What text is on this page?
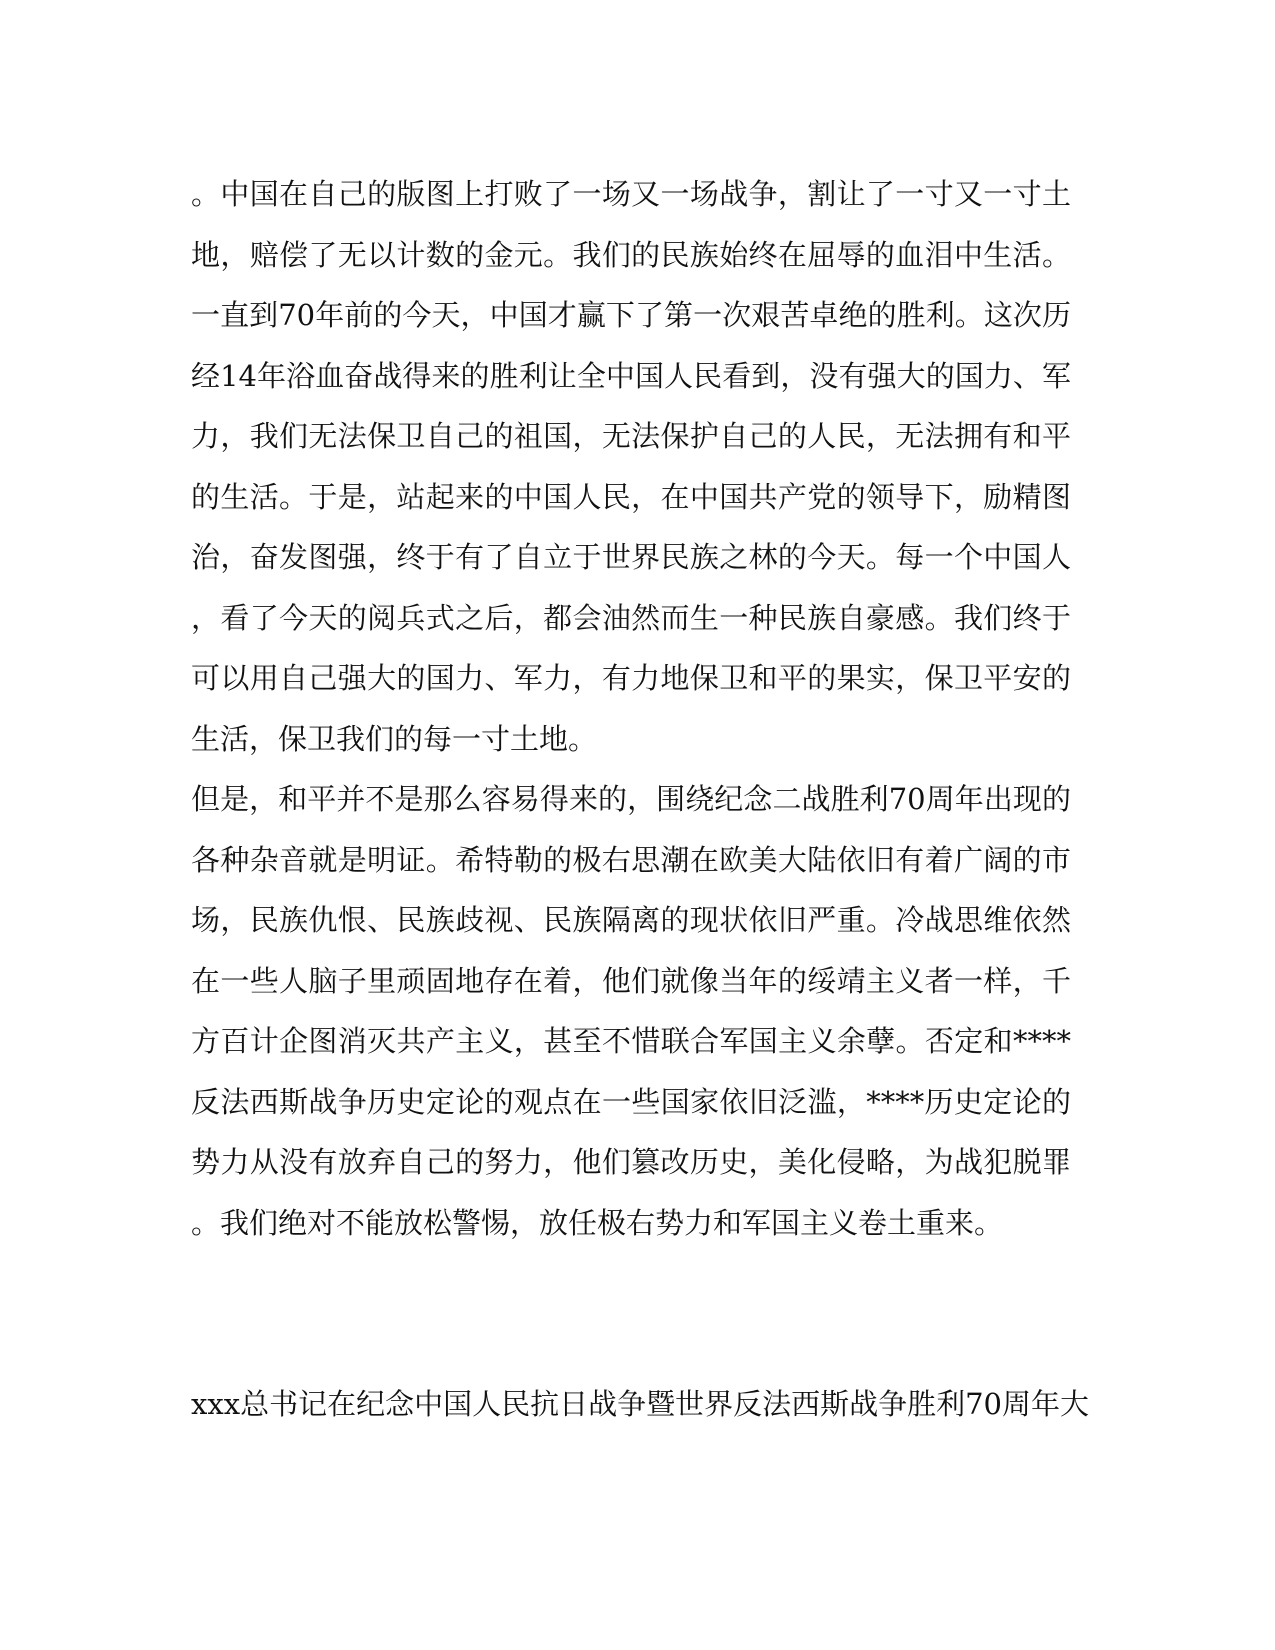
。中国在自己的版图上打败了一场又一场战争，割让了一寸又一寸土
地，赔偿了无以计数的金元。我们的民族始终在屈辱的血泪中生活。
一直到70年前的今天，中国才赢下了第一次艰苦卓绝的胜利。这次历
经14年浴血奋战得来的胜利让全中国人民看到，没有强大的国力、军
力，我们无法保卫自己的祖国，无法保护自己的人民，无法拥有和平
的生活。于是，站起来的中国人民，在中国共产党的领导下，励精图
治，奋发图强，终于有了自立于世界民族之林的今天。每一个中国人
，看了今天的阅兵式之后，都会油然而生一种民族自豪感。我们终于
可以用自己强大的国力、军力，有力地保卫和平的果实，保卫平安的
生活，保卫我们的每一寸土地。
但是，和平并不是那么容易得来的，围绕纪念二战胜利70周年出现的
各种杂音就是明证。希特勒的极右思潮在欧美大陆依旧有着广阔的市
场，民族仇恨、民族歧视、民族隔离的现状依旧严重。冷战思维依然
在一些人脑子里顽固地存在着，他们就像当年的绥靖主义者一样，千
方百计企图消灭共产主义，甚至不惜联合军国主义余孽。否定和****
反法西斯战争历史定论的观点在一些国家依旧泛滥，****历史定论的
势力从没有放弃自己的努力，他们篡改历史，美化侵略，为战犯脱罪
。我们绝对不能放松警惕，放任极右势力和军国主义卷土重来。
xxx总书记在纪念中国人民抗日战争暨世界反法西斯战争胜利70周年大
